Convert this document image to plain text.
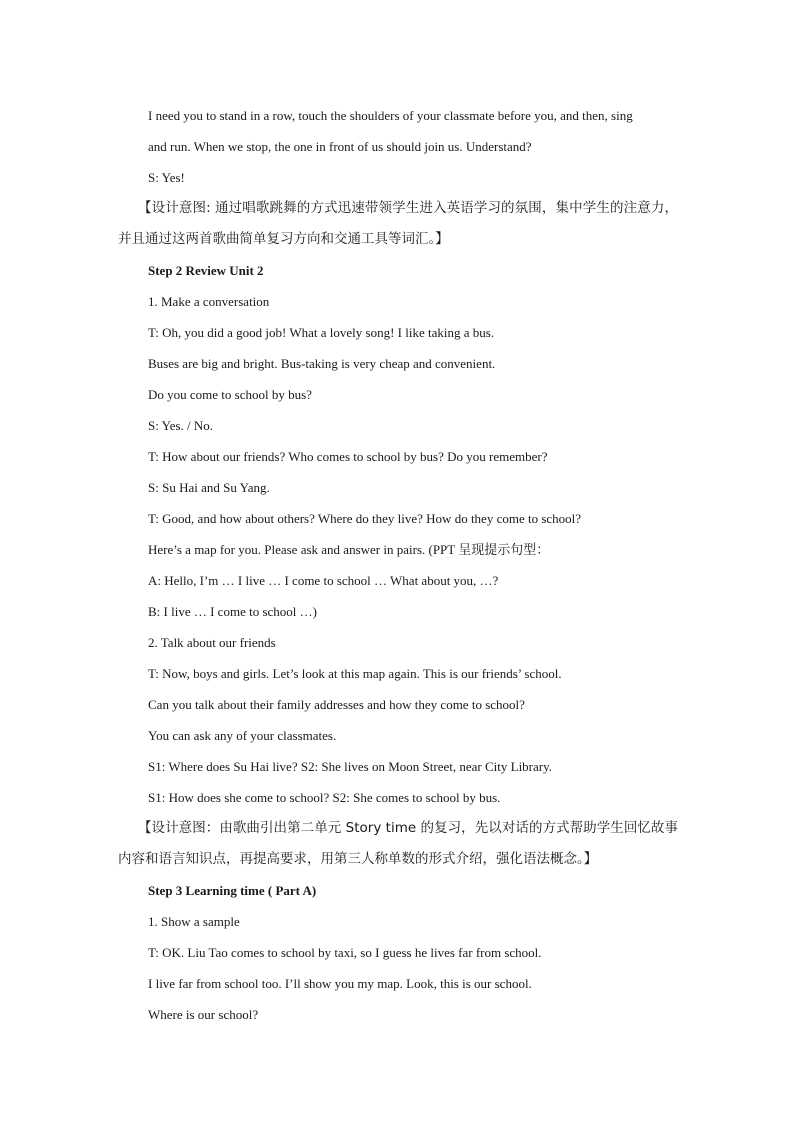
I need you to stand in a row, touch the shoulders of your classmate before you, and then, sing
and run. When we stop, the one in front of us should join us. Understand?
S: Yes!
【设计意图: 通过唱歌跳舞的方式迅速带领学生进入英语学习的氛围，集中学生的注意力，并且通过这两首歌曲简单复习方向和交通工具等词汇。】
Step 2 Review Unit 2
1. Make a conversation
T: Oh, you did a good job! What a lovely song! I like taking a bus.
Buses are big and bright. Bus-taking is very cheap and convenient.
Do you come to school by bus?
S: Yes. / No.
T: How about our friends? Who comes to school by bus? Do you remember?
S: Su Hai and Su Yang.
T: Good, and how about others? Where do they live? How do they come to school?
Here’s a map for you. Please ask and answer in pairs. (PPT 呈现提示句型：
A: Hello, I’m … I live … I come to school … What about you, …?
B: I live … I come to school …)
2. Talk about our friends
T: Now, boys and girls. Let’s look at this map again. This is our friends’ school.
Can you talk about their family addresses and how they come to school?
You can ask any of your classmates.
S1: Where does Su Hai live? S2: She lives on Moon Street, near City Library.
S1: How does she come to school? S2: She comes to school by bus.
【设计意图：由歌曲引出第二单元 Story time 的复习，先以对话的方式帮助学生回忆故事内容和语言知识点，再提高要求，用第三人称单数的形式介绍，强化语法概念。】
Step 3 Learning time ( Part A)
1. Show a sample
T: OK. Liu Tao comes to school by taxi, so I guess he lives far from school.
I live far from school too. I’ll show you my map. Look, this is our school.
Where is our school?
